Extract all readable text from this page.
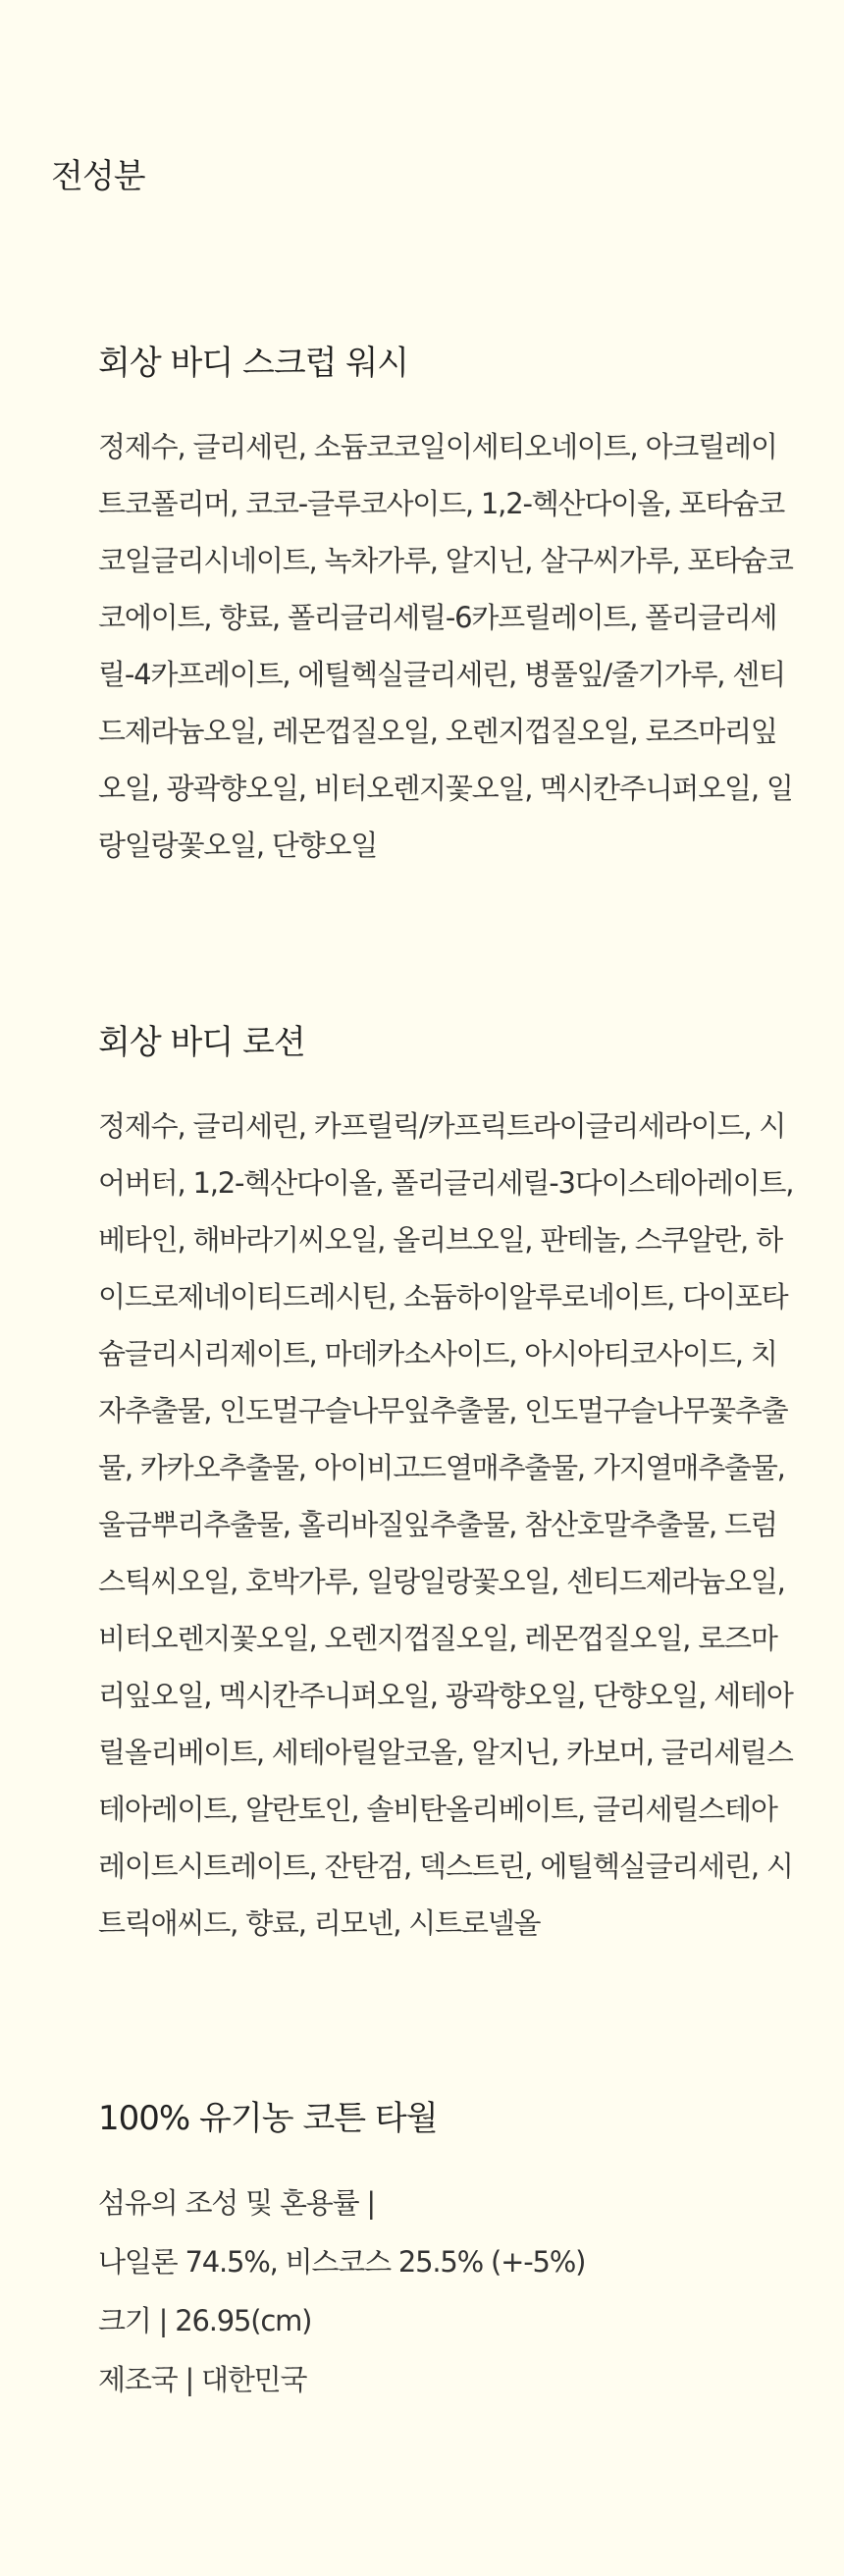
전성분
회상 바디 스크럽 워시

정제수, 글리세린, 소듐코코일이세티오네이트, 아크릴레이트코폴리머, 코코-글루코사이드, 1,2-헥산다이올, 포타슘코코일글리시네이트, 녹차가루, 알지닌, 살구씨가루, 포타슘코코에이트, 향료, 폴리글리세릴-6카프릴레이트, 폴리글리세릴-4카프레이트, 에틸헥실글리세린, 병풀잎/줄기가루, 센티드제라늄오일, 레몬껍질오일, 오렌지껍질오일, 로즈마리잎오일, 광곽향오일, 비터오렌지꽃오일, 멕시칸주니퍼오일, 일랑일랑꽃오일, 단향오일

회상 바디 로션

정제수, 글리세린, 카프릴릭/카프릭트라이글리세라이드, 시어버터, 1,2-헥산다이올, 폴리글리세릴-3다이스테아레이트, 베타인, 해바라기씨오일, 올리브오일, 판테놀, 스쿠알란, 하이드로제네이티드레시틴, 소듐하이알루로네이트, 다이포타슘글리시리제이트, 마데카소사이드, 아시아티코사이드, 치자추출물, 인도멀구슬나무잎추출물, 인도멀구슬나무꽃추출물, 카카오추출물, 아이비고드열매추출물, 가지열매추출물, 울금뿌리추출물, 홀리바질잎추출물, 참산호말추출물, 드럼스틱씨오일, 호박가루, 일랑일랑꽃오일, 센티드제라늄오일, 비터오렌지꽃오일, 오렌지껍질오일, 레몬껍질오일, 로즈마리잎오일, 멕시칸주니퍼오일, 광곽향오일, 단향오일, 세테아릴올리베이트, 세테아릴알코올, 알지닌, 카보머, 글리세릴스테아레이트, 알란토인, 솔비탄올리베이트, 글리세릴스테아레이트시트레이트, 잔탄검, 덱스트린, 에틸헥실글리세린, 시트릭애씨드, 향료, 리모넨, 시트로넬올

100% 유기농 코튼 타월
섬유의 조성 및 혼용률 |
나일론 74.5%, 비스코스 25.5% (+-5%)
크기 | 26.95(cm)
제조국 | 대한민국
